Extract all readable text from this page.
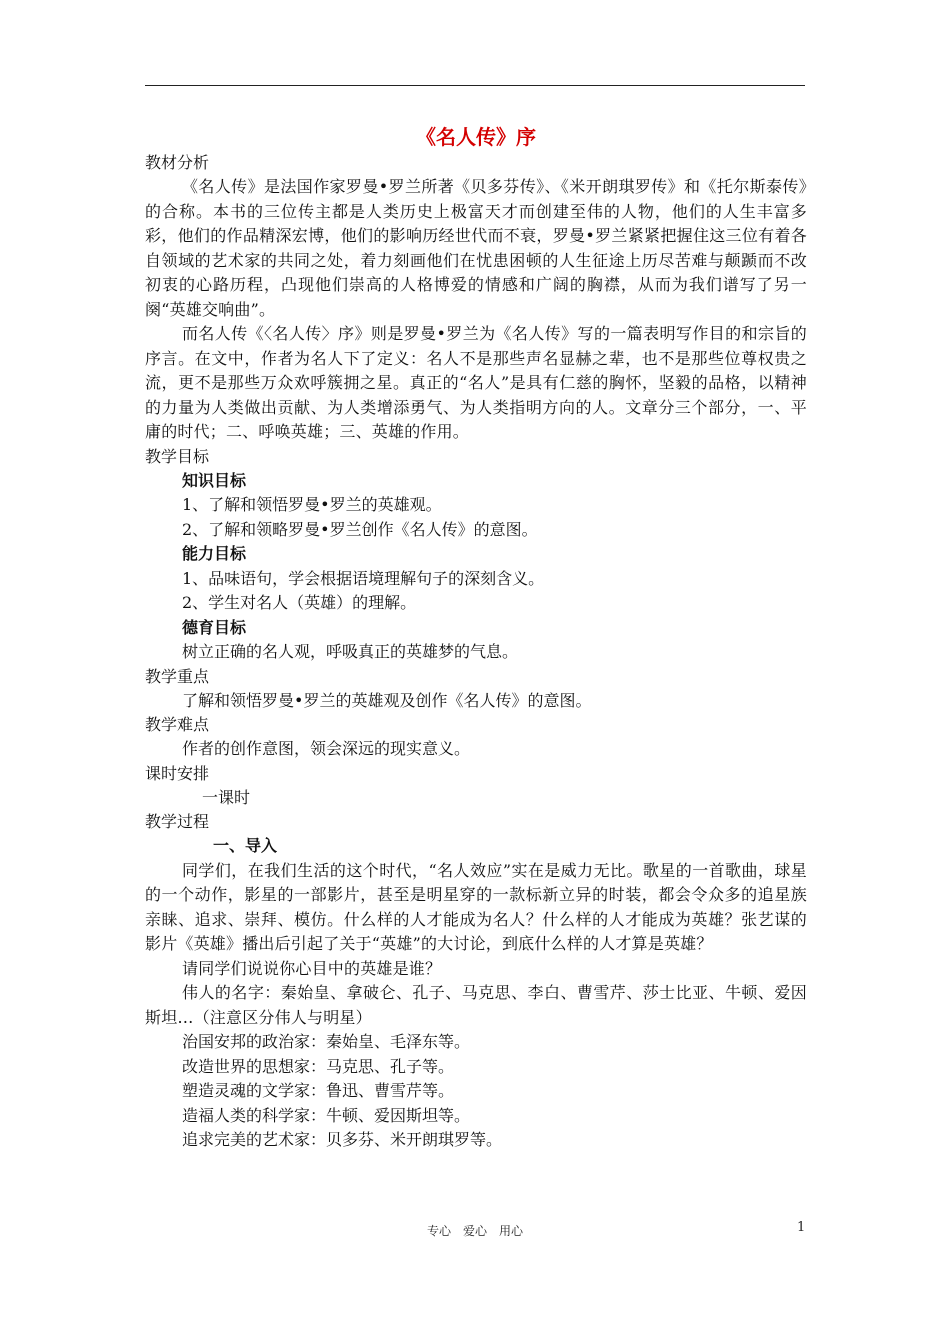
《名人传》序
教材分析
《名人传》是法国作家罗曼•罗兰所著《贝多芬传》、《米开朗琪罗传》和《托尔斯泰传》的合称。本书的三位传主都是人类历史上极富天才而创建至伟的人物，他们的人生丰富多彩，他们的作品精深宏博，他们的影响历经世代而不衰，罗曼•罗兰紧紧把握住这三位有着各自领域的艺术家的共同之处，着力刻画他们在忧患困顿的人生征途上历尽苦难与颠踬而不改初衷的心路历程，凸现他们崇高的人格博爱的情感和广阔的胸襟，从而为我们谱写了另一阕“英雄交响曲”。
而名人传《〈名人传〉序》则是罗曼•罗兰为《名人传》写的一篇表明写作目的和宗旨的序言。在文中，作者为名人下了定义：名人不是那些声名显赫之辈，也不是那些位尊权贵之流，更不是那些万众欢呼簇拥之星。真正的“名人”是具有仁慈的胸怀，坚毅的品格，以精神的力量为人类做出贡献、为人类增添勇气、为人类指明方向的人。文章分三个部分，一、平庸的时代；二、呼唤英雄；三、英雄的作用。
教学目标
知识目标
1、了解和领悟罗曼•罗兰的英雄观。
2、了解和领略罗曼•罗兰创作《名人传》的意图。
能力目标
1、品味语句，学会根据语境理解句子的深刻含义。
2、学生对名人（英雄）的理解。
德育目标
树立正确的名人观，呼吸真正的英雄梦的气息。
教学重点
了解和领悟罗曼•罗兰的英雄观及创作《名人传》的意图。
教学难点
作者的创作意图，领会深远的现实意义。
课时安排
一课时
教学过程
一、导入
同学们，在我们生活的这个时代，“名人效应”实在是威力无比。歌星的一首歌曲，球星的一个动作，影星的一部影片，甚至是明星穿的一款标新立异的时装，都会令众多的追星族亲睐、追求、崇拜、模仿。什么样的人才能成为名人？什么样的人才能成为英雄？张艺谋的影片《英雄》播出后引起了关于“英雄”的大讨论，到底什么样的人才算是英雄？
请同学们说说你心目中的英雄是谁？
伟人的名字：秦始皇、拿破仑、孔子、马克思、李白、曹雪芹、莎士比亚、牛顿、爱因斯坦…（注意区分伟人与明星）
治国安邦的政治家：秦始皇、毛泽东等。
改造世界的思想家：马克思、孔子等。
塑造灵魂的文学家：鲁迅、曹雪芹等。
造福人类的科学家：牛顿、爱因斯坦等。
追求完美的艺术家：贝多芬、米开朗琪罗等。
专心　爱心　用心	1
